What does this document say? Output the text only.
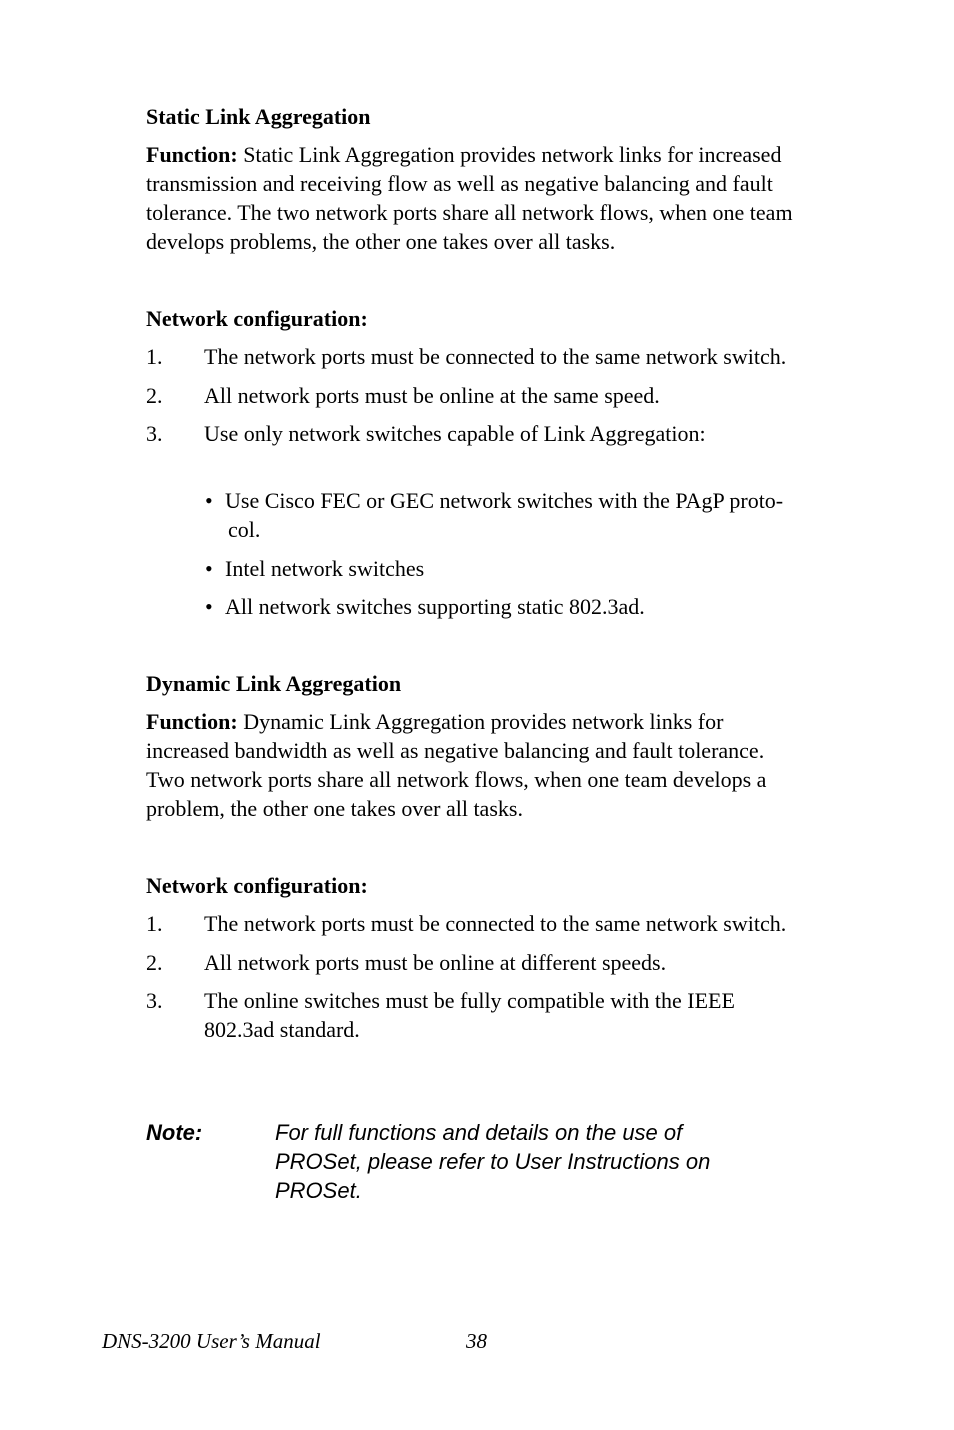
Static Link Aggregation

Function: Static Link Aggregation provides network links for increased

transmission and receiving flow as well as negative balancing and fault

tolerance. The two network ports share all network flows, when one team

develops problems, the other one takes over all tasks.

Network configuration:

1. The network ports must be connected to the same network switch.

2. All network ports must be online at the same speed.

3. Use only network switches capable of Link Aggregation:

• Use Cisco FEC or GEC network switches with the PAgP proto-

col.

• Intel network switches

• All network switches supporting static 802.3ad.

Dynamic Link Aggregation

Function: Dynamic Link Aggregation provides network links for

increased bandwidth as well as negative balancing and fault tolerance.

Two network ports share all network flows, when one team develops a

problem, the other one takes over all tasks.

Network configuration:

1. The network ports must be connected to the same network switch.

2. All network ports must be online at different speeds.

3. The online switches must be fully compatible with the IEEE

802.3ad standard.

Note:	For full functions and details on the use of

PROSet, please refer to User Instructions on

PROSet.

DNS-3200 User’s Manual	38
